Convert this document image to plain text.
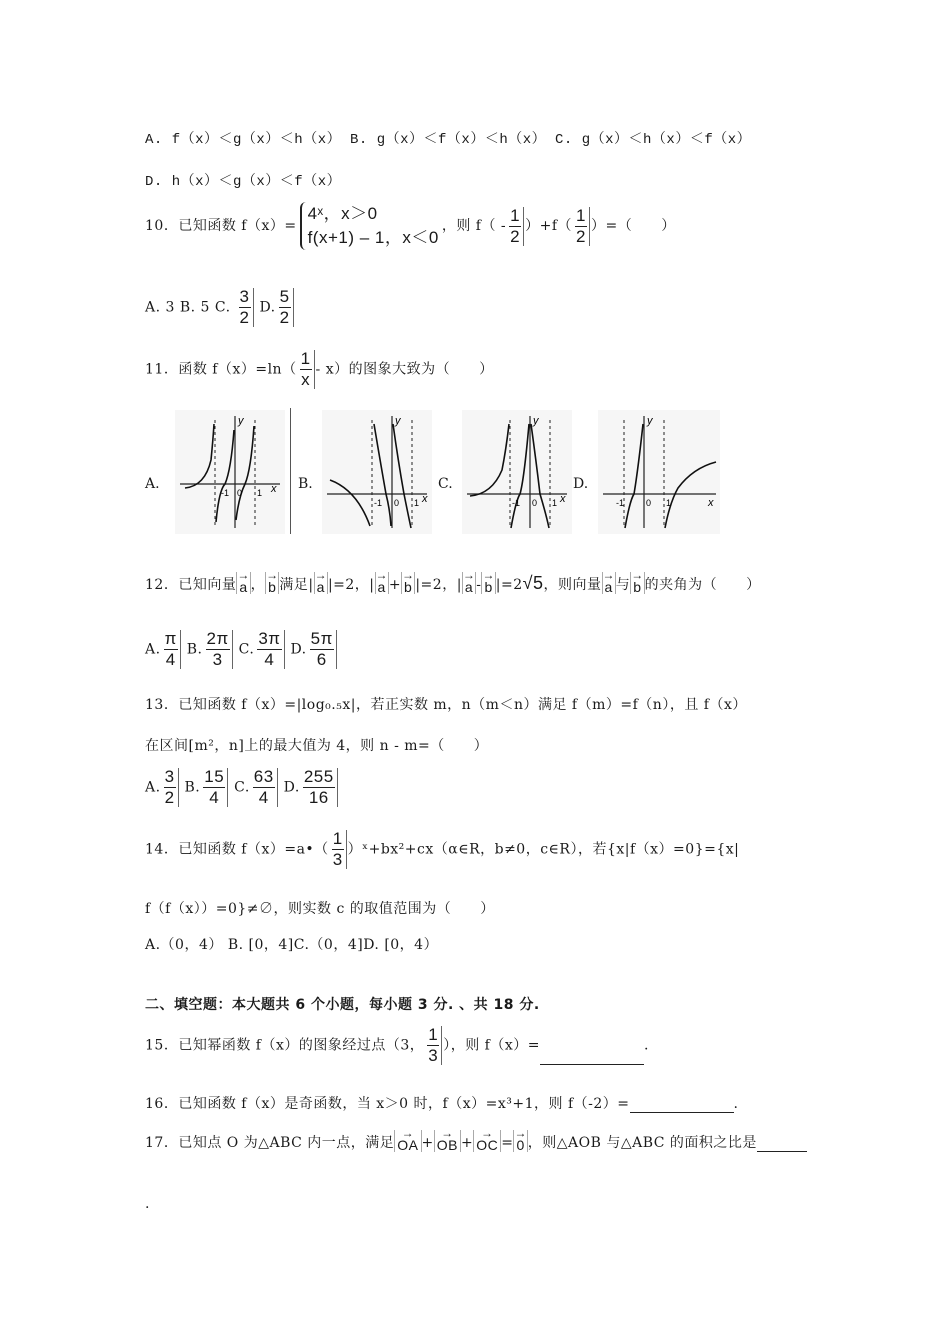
A. f（x）＜g（x）＜h（x） B. g（x）＜f（x）＜h（x） C. g（x）＜h（x）＜f（x）
D. h（x）＜g（x）＜f（x）
10．已知函数 f（x）=
4ˣ，x＞0
f(x+1) – 1，x＜0
，则 $f( - \frac{1}{2} )+f( \frac{1}{2}$ ）=（　　）
A. 3 B. 5 C. $\frac{3}{2} D$. $\frac{5}{2}$
11．函数 $f(x)=\ln( \frac{1}{x} - x)$的图象大致为（　　）
A.	B.	C.	D.
x
y
-1 0 1	x
y
-1 0 1	x
y
-1 0 1	x
y
-1 0 1
12．已知向量 → a ， → b 满足| → a |=2，| → a + → b |=2，| → a - → b |=2√5，则向量 → a 与 → b 的夹角为（　　）
A. $\frac{\pi}{4} B$. $\frac{2\pi}{3} C$. $\frac{3\pi}{4} D$. $\frac{5\pi}{6}$
13．已知函数 f（x）=|log₀.₅x|，若正实数 m，n（m＜n）满足 f（m）=f（n），且 f（x）
在区间[m²，n]上的最大值为 4，则 n - m=（　　）
A. $\frac{3}{2} B$. $\frac{15}{4} C$. $\frac{63}{4} D$. $\frac{255}{16}$
14．已知函数 f（x）=a•（ $\frac{1}{3}$ ）ˣ+bx²+cx（α∈R，b≠0，c∈R），若{x|f（x）=0}={x|
f（f（x））=0}≠∅，则实数 c 的取值范围为（　　）
A.（0，4） B. [0，4]C.（0，4]D. [0，4）
二、填空题：本大题共 6 个小题，每小题 3 分. 、共 18 分.
15．已知幂函数 f（x）的图象经过点（3， $\frac{1}{3}$ ），则 f（x）=	.
16．已知函数 f（x）是奇函数，当 x＞0 时，f（x）=x³+1，则 f（-2）=	.
17．已知点 O 为△ABC 内一点，满足 → OA + → OB + → OC = → 0 ，则△AOB 与△ABC 的面积之比是
.
